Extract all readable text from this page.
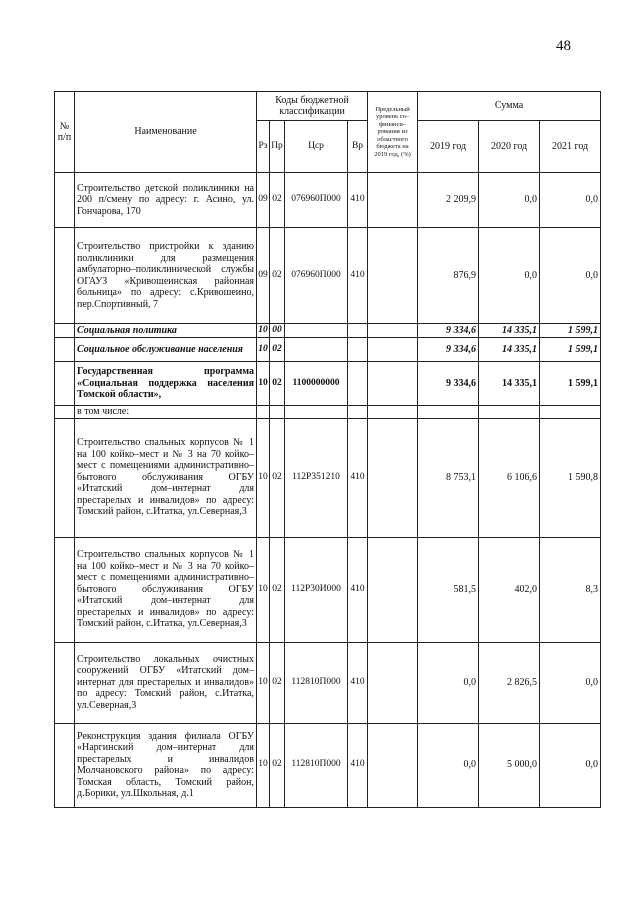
48
№ п/п	Наименование	Коды бюджетной классификации				Предельный уровень со–финанси–рования из областного бюджета на 2019 год, (%)	Сумма		
		Рз	Пр	Цср	Вр		2019 год	2020 год	2021 год
	Строительство детской поликлиники на 200 п/смену по адресу: г. Асино, ул. Гончарова, 170	09	02	076960П000	410		2 209,9	0,0	0,0
	Строительство пристройки к зданию поликлиники для размещения амбулаторно–поликлинической службы ОГАУЗ «Кривошеинская районная больница» по адресу: с.Кривошеино, пер.Спортивный, 7	09	02	076960П000	410		876,9	0,0	0,0
	Социальная политика	10	00				9 334,6	14 335,1	1 599,1
	Социальное обслуживание населения	10	02				9 334,6	14 335,1	1 599,1
	Государственная программа «Социальная поддержка населения Томской области»,	10	02	1100000000			9 334,6	14 335,1	1 599,1
	в том числе:								
	Строительство спальных корпусов № 1 на 100 койко–мест и № 3 на 70 койко–мест с помещениями административно–бытового обслуживания ОГБУ «Итатский дом–интернат для престарелых и инвалидов» по адресу: Томский район, с.Итатка, ул.Северная,3	10	02	112P351210	410		8 753,1	6 106,6	1 590,8
	Строительство спальных корпусов № 1 на 100 койко–мест и № 3 на 70 койко–мест с помещениями административно–бытового обслуживания ОГБУ «Итатский дом–интернат для престарелых и инвалидов» по адресу: Томский район, с.Итатка, ул.Северная,3	10	02	112P30И000	410		581,5	402,0	8,3
	Строительство локальных очистных сооружений ОГБУ «Итатский дом–интернат для престарелых и инвалидов» по адресу: Томский район, с.Итатка, ул.Северная,3	10	02	112810П000	410		0,0	2 826,5	0,0
	Реконструкция здания филиала ОГБУ «Наргинский дом–интернат для престарелых и инвалидов Молчановского района» по адресу: Томская область, Томский район, д.Борики, ул.Школьная, д.1	10	02	112810П000	410		0,0	5 000,0	0,0
